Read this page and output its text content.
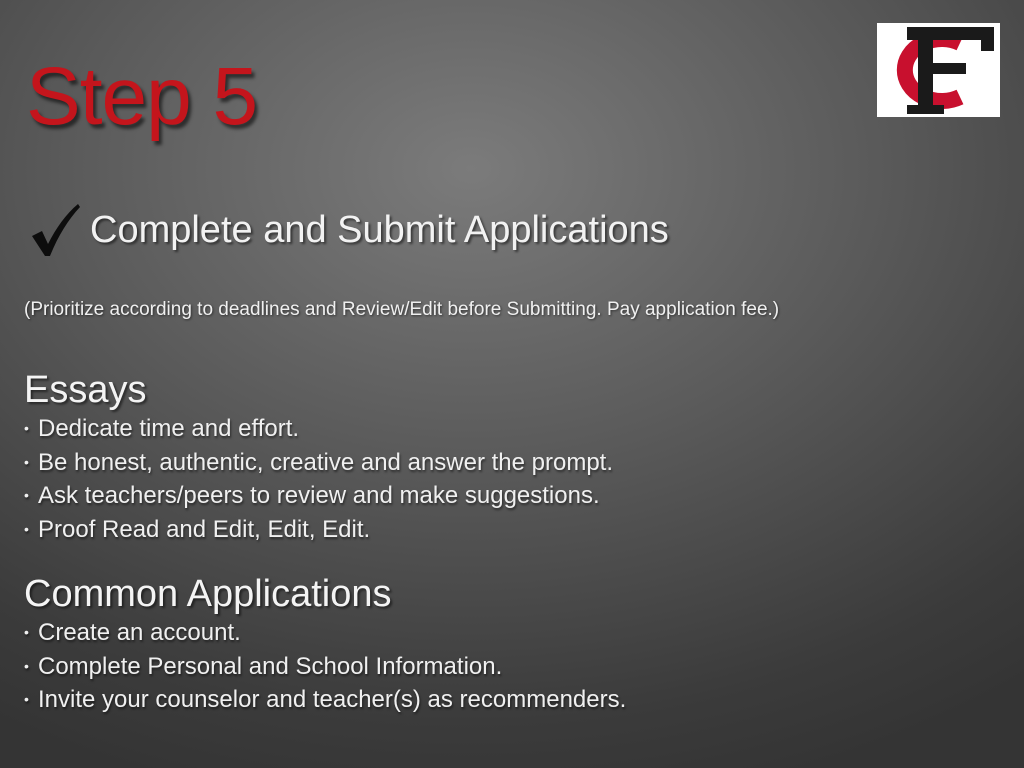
Step 5
Complete and Submit Applications
(Prioritize according to deadlines and Review/Edit before Submitting. Pay application fee.)
Essays
• Dedicate time and effort.
• Be honest, authentic, creative and answer the prompt.
• Ask teachers/peers to review and make suggestions.
• Proof Read and Edit, Edit, Edit.
Common Applications
• Create an account.
• Complete Personal and School Information.
• Invite your counselor and teacher(s) as recommenders.
